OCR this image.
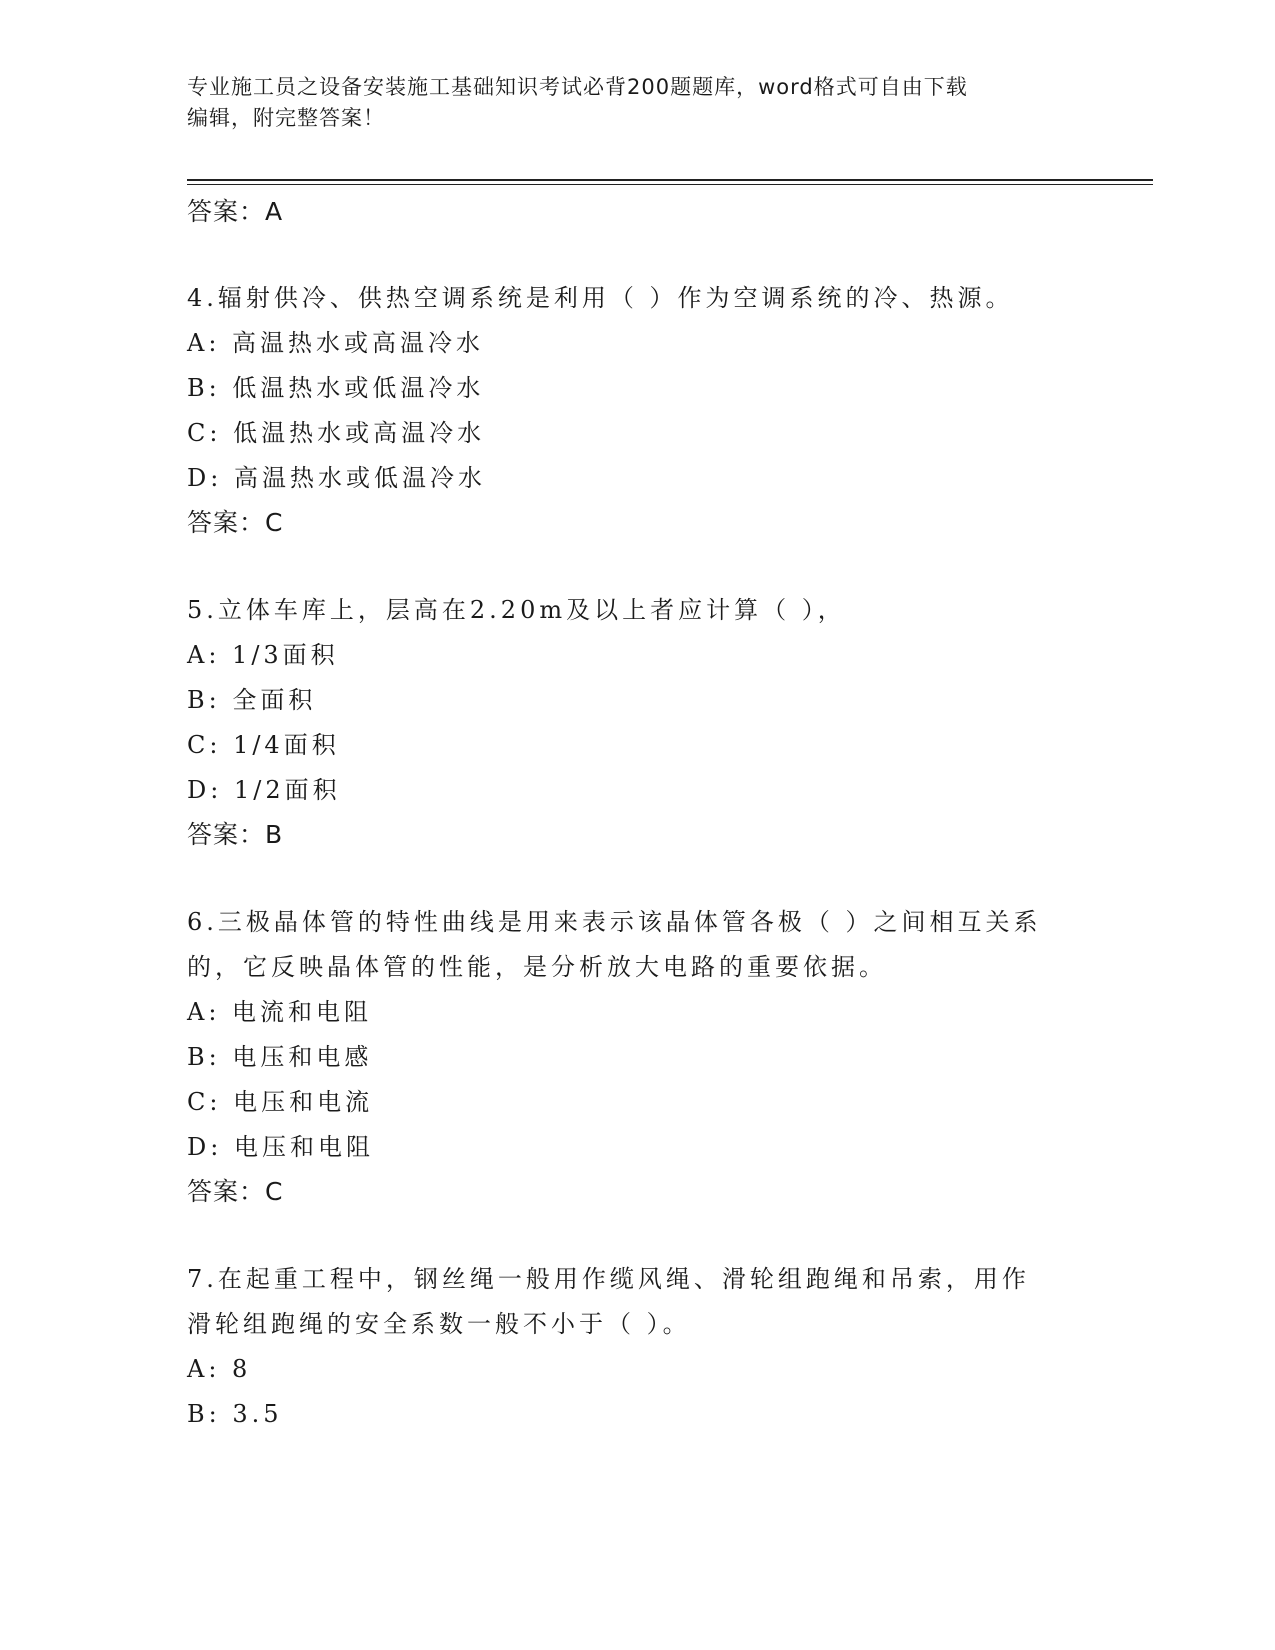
专业施工员之设备安装施工基础知识考试必背200题题库，word格式可自由下载
编辑，附完整答案！
答案：A
4.辐射供冷、供热空调系统是利用（ ）作为空调系统的冷、热源。
A: 高温热水或高温冷水
B: 低温热水或低温冷水
C: 低温热水或高温冷水
D: 高温热水或低温冷水
答案：C
5.立体车库上，层高在2.20m及以上者应计算（ ），
A: 1/3面积
B: 全面积
C: 1/4面积
D: 1/2面积
答案：B
6.三极晶体管的特性曲线是用来表示该晶体管各极（ ）之间相互关系
的，它反映晶体管的性能，是分析放大电路的重要依据。
A: 电流和电阻
B: 电压和电感
C: 电压和电流
D: 电压和电阻
答案：C
7.在起重工程中，钢丝绳一般用作缆风绳、滑轮组跑绳和吊索，用作
滑轮组跑绳的安全系数一般不小于（ ）。
A: 8
B: 3.5
